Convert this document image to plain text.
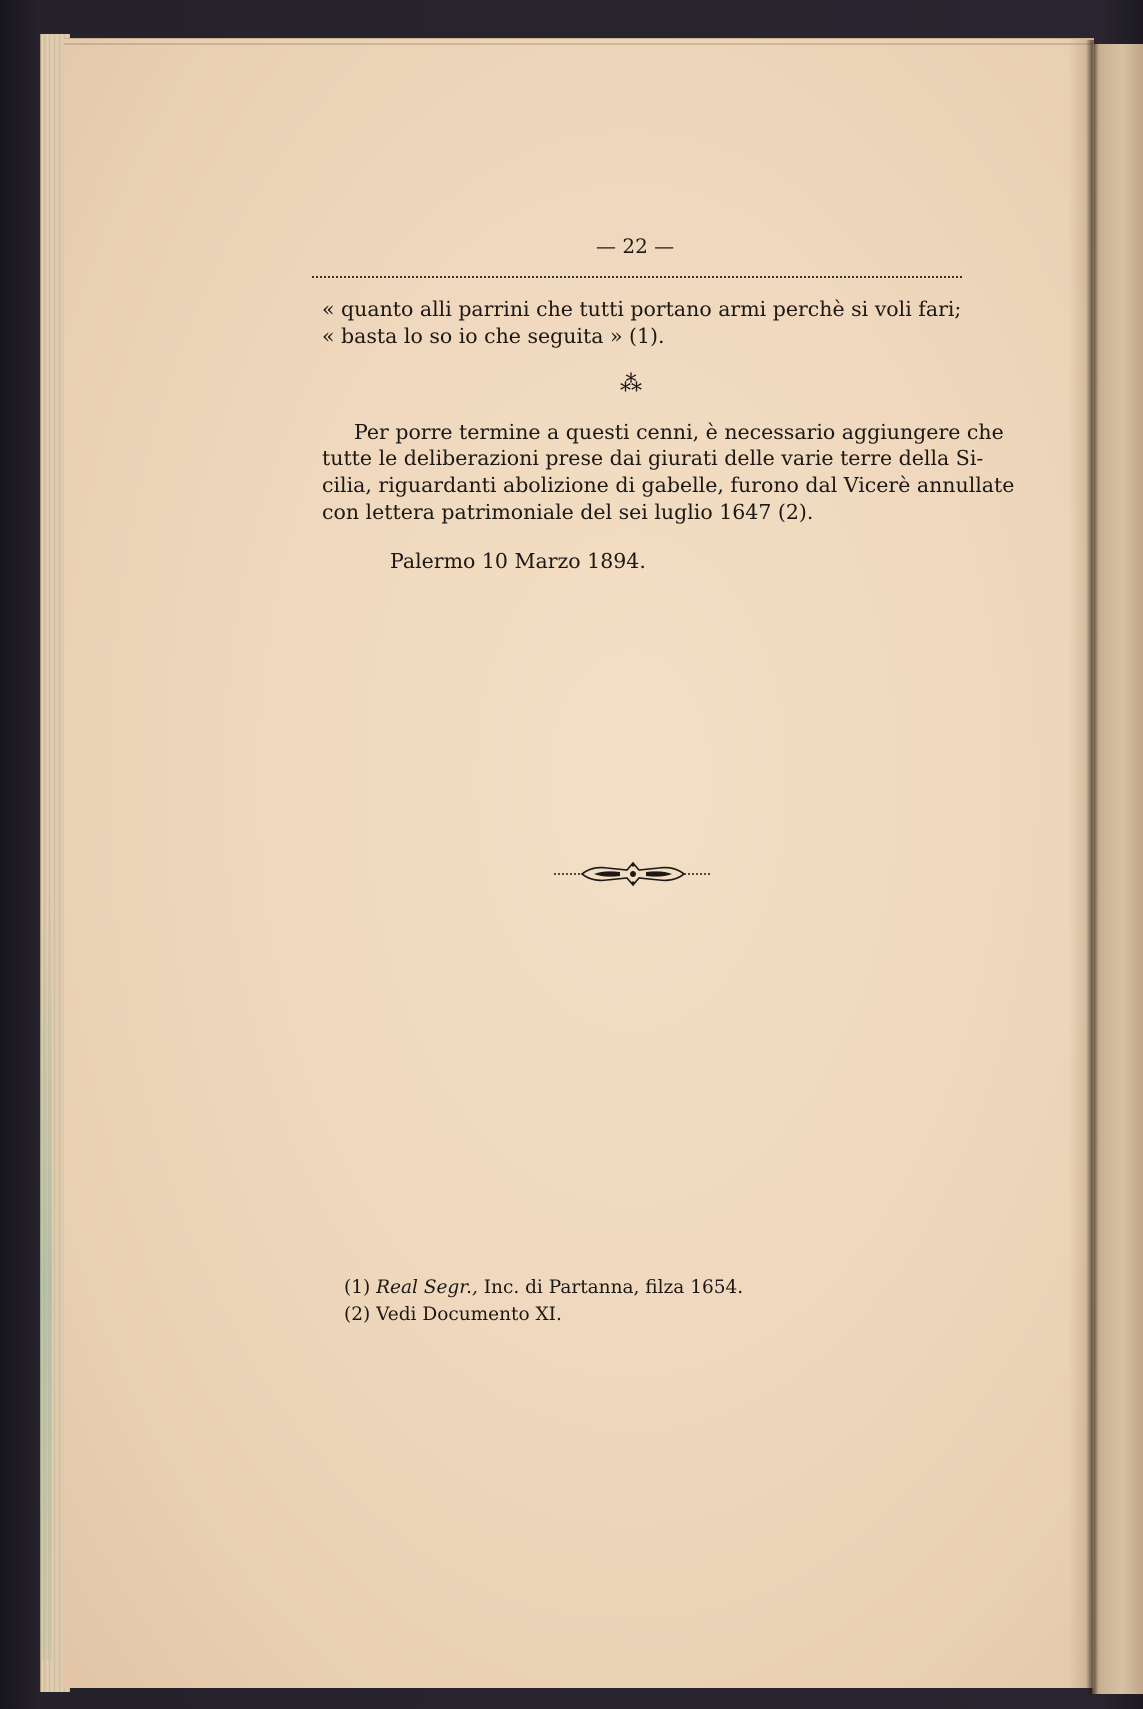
— 22 —
« quanto alli parrini che tutti portano armi perchè si voli fari;
« basta lo so io che seguita » (1).
⁂
Per porre termine a questi cenni, è necessario aggiungere che
tutte le deliberazioni prese dai giurati delle varie terre della Si-
cilia, riguardanti abolizione di gabelle, furono dal Vicerè annullate
con lettera patrimoniale del sei luglio 1647 (2).
Palermo 10 Marzo 1894.
(1) Real Segr., Inc. di Partanna, filza 1654.
(2) Vedi Documento XI.
